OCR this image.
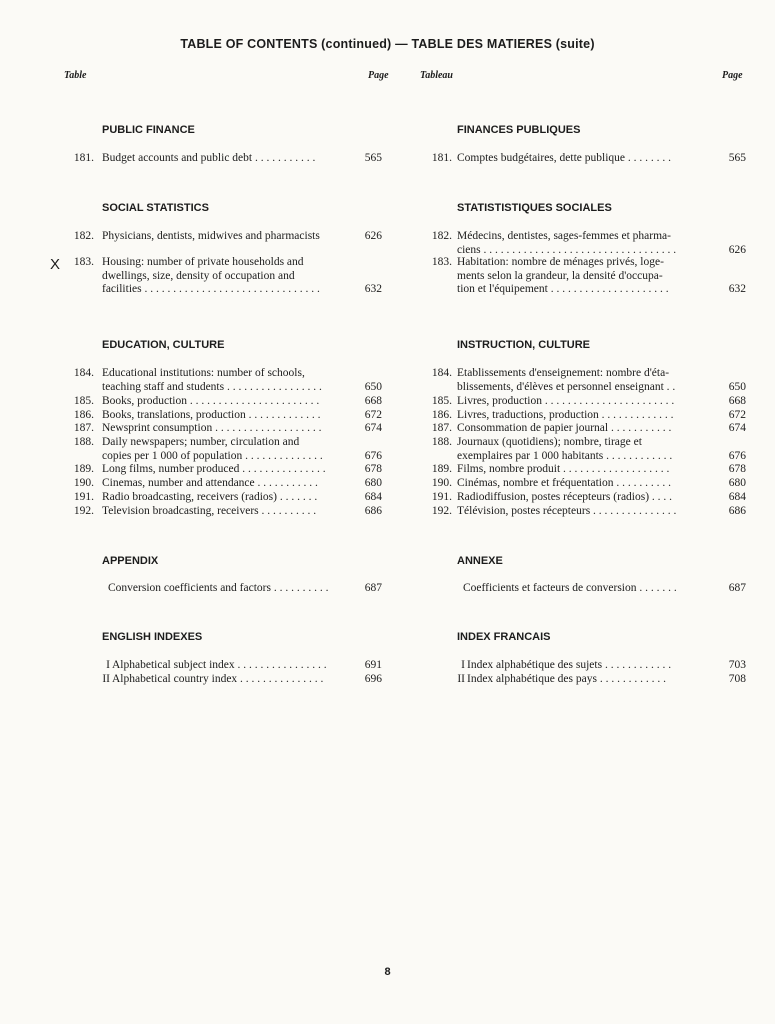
TABLE OF CONTENTS (continued) — TABLE DES MATIERES (suite)
Table	Page	Tableau	Page
PUBLIC FINANCE
181. Budget accounts and public debt . . . . . . . . . . .	565
SOCIAL STATISTICS
182. Physicians, dentists, midwives and pharmacists	626
183. Housing: number of private households and
dwellings, size, density of occupation and
facilities . . . . . . . . . . . . . . . . . . . . . . . . . . . . . . .	632
EDUCATION, CULTURE
184. Educational institutions: number of schools,
teaching staff and students . . . . . . . . . . . . . . . . .	650
185. Books, production . . . . . . . . . . . . . . . . . . . . . . .	668
186. Books, translations, production . . . . . . . . . . . . .	672
187. Newsprint consumption . . . . . . . . . . . . . . . . . . .	674
188. Daily newspapers; number, circulation and
copies per 1 000 of population . . . . . . . . . . . . . .	676
189. Long films, number produced . . . . . . . . . . . . . . .	678
190. Cinemas, number and attendance . . . . . . . . . . .	680
191. Radio broadcasting, receivers (radios) . . . . . . .	684
192. Television broadcasting, receivers . . . . . . . . . .	686
APPENDIX
Conversion coefficients and factors . . . . . . . . . .	687
ENGLISH INDEXES
I Alphabetical subject index . . . . . . . . . . . . . . . .	691
II Alphabetical country index . . . . . . . . . . . . . . .	696
FINANCES PUBLIQUES
181. Comptes budgétaires, dette publique . . . . . . . .	565
STATISTISTIQUES SOCIALES
182. Médecins, dentistes, sages-femmes et pharma-
ciens . . . . . . . . . . . . . . . . . . . . . . . . . . . . . . . . . .	626
183. Habitation: nombre de ménages privés, loge-
ments selon la grandeur, la densité d'occupa-
tion et l'équipement . . . . . . . . . . . . . . . . . . . . .	632
INSTRUCTION, CULTURE
184. Etablissements d'enseignement: nombre d'éta-
blissements, d'élèves et personnel enseignant . .	650
185. Livres, production . . . . . . . . . . . . . . . . . . . . . . .	668
186. Livres, traductions, production . . . . . . . . . . . . .	672
187. Consommation de papier journal . . . . . . . . . . .	674
188. Journaux (quotidiens); nombre, tirage et
exemplaires par 1 000 habitants . . . . . . . . . . . .	676
189. Films, nombre produit . . . . . . . . . . . . . . . . . . .	678
190. Cinémas, nombre et fréquentation . . . . . . . . . .	680
191. Radiodiffusion, postes récepteurs (radios) . . . .	684
192. Télévision, postes récepteurs . . . . . . . . . . . . . . .	686
ANNEXE
Coefficients et facteurs de conversion . . . . . . .	687
INDEX FRANCAIS
I Index alphabétique des sujets . . . . . . . . . . . .	703
II Index alphabétique des pays . . . . . . . . . . . .	708
X
8
